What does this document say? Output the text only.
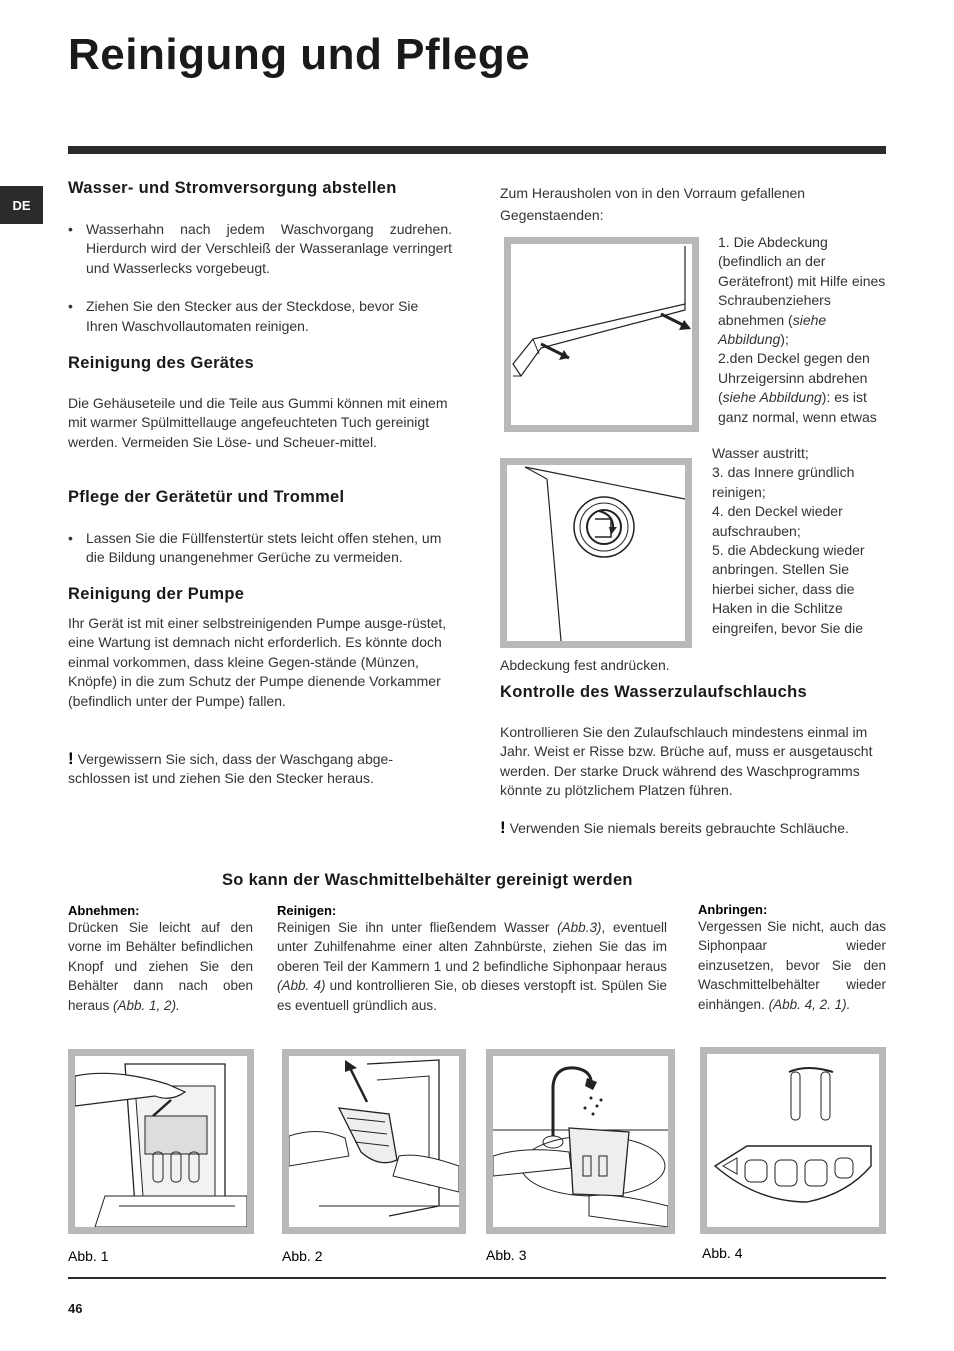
Reinigung und Pflege
DE
Wasser- und Stromversorgung abstellen
• Wasserhahn nach jedem Waschvorgang zudrehen. Hierdurch wird der Verschleiß der Wasseranlage verringert und Wasserlecks vorgebeugt.
• Ziehen Sie den Stecker aus der Steckdose, bevor Sie Ihren Waschvollautomaten reinigen.
Reinigung des Gerätes
Die Gehäuseteile und die Teile aus Gummi können mit einem mit warmer Spülmittellauge angefeuchteten Tuch gereinigt werden. Vermeiden Sie Löse- und Scheuer-mittel.
Pflege der Gerätetür und Trommel
• Lassen Sie die Füllfenstertür stets leicht offen stehen, um die Bildung unangenehmer Gerüche zu vermeiden.
Reinigung der Pumpe
Ihr Gerät ist mit einer selbstreinigenden Pumpe ausge-rüstet, eine Wartung ist demnach nicht erforderlich. Es könnte doch einmal vorkommen, dass kleine Gegen-stände (Münzen, Knöpfe) in die zum Schutz der Pumpe dienende Vorkammer (befindlich unter der Pumpe) fallen.
! Vergewissern Sie sich, dass der Waschgang abge-schlossen ist und ziehen Sie den Stecker heraus.
Zum Herausholen von in den Vorraum gefallenen Gegenstaenden:
1. Die Abdeckung (befindlich an der Gerätefront) mit Hilfe eines Schraubenziehers abnehmen (siehe Abbildung);
2.den Deckel gegen den Uhrzeigersinn abdrehen (siehe Abbildung): es ist ganz normal, wenn etwas
Wasser austritt;
3. das Innere gründlich reinigen;
4. den Deckel wieder aufschrauben;
5. die Abdeckung wieder anbringen. Stellen Sie hierbei sicher, dass die Haken in die Schlitze eingreifen, bevor Sie die
Abdeckung fest andrücken.
Kontrolle des Wasserzulaufschlauchs
Kontrollieren Sie den Zulaufschlauch mindestens einmal im Jahr. Weist er Risse bzw. Brüche auf, muss er ausgetauscht werden. Der starke Druck während des Waschprogramms könnte zu plötzlichem Platzen führen.
! Verwenden Sie niemals bereits gebrauchte Schläuche.
So kann der Waschmittelbehälter gereinigt werden
Abnehmen:
Drücken Sie leicht auf den vorne im Behälter befindlichen Knopf und ziehen Sie den Behälter dann nach oben heraus (Abb. 1, 2).
Reinigen:
Reinigen Sie ihn unter fließendem Wasser (Abb.3), eventuell unter Zuhilfenahme einer alten Zahnbürste, ziehen Sie das im oberen Teil der Kammern 1 und 2 befindliche Siphonpaar heraus (Abb. 4) und kontrollieren Sie, ob dieses verstopft ist. Spülen Sie es eventuell gründlich aus.
Anbringen:
Vergessen Sie nicht, auch das Siphonpaar wieder einzusetzen, bevor Sie den Waschmittelbehälter wieder einhängen. (Abb. 4, 2. 1).
Abb. 1	Abb. 2	Abb. 3	Abb. 4
46
